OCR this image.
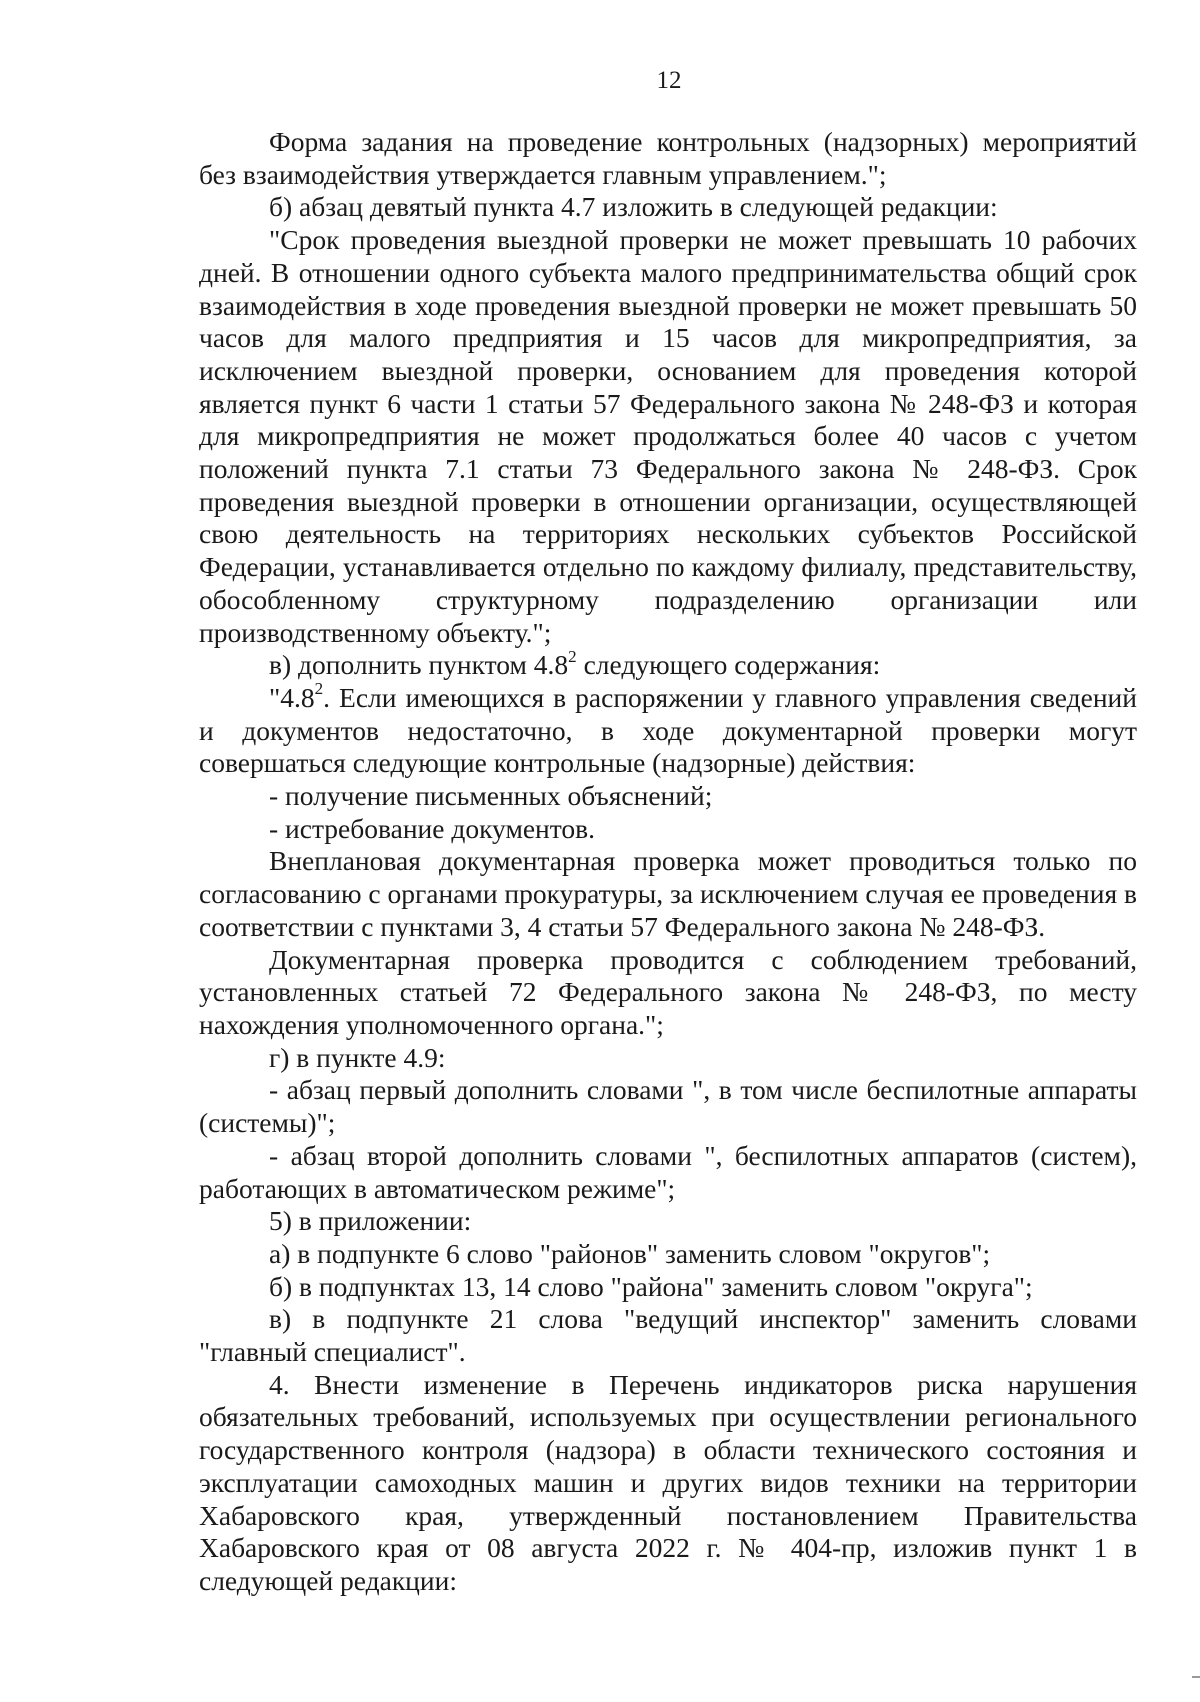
12

Форма задания на проведение контрольных (надзорных) мероприятий без взаимодействия утверждается главным управлением.";

б) абзац девятый пункта 4.7 изложить в следующей редакции:

"Срок проведения выездной проверки не может превышать 10 рабочих дней. В отношении одного субъекта малого предпринимательства общий срок взаимодействия в ходе проведения выездной проверки не может превышать 50 часов для малого предприятия и 15 часов для микропредприятия, за исключением выездной проверки, основанием для проведения которой является пункт 6 части 1 статьи 57 Федерального закона № 248-ФЗ и которая для микропредприятия не может продолжаться более 40 часов с учетом положений пункта 7.1 статьи 73 Федерального закона № 248-ФЗ. Срок проведения выездной проверки в отношении организации, осуществляющей свою деятельность на территориях нескольких субъектов Российской Федерации, устанавливается отдельно по каждому филиалу, представительству, обособленному структурному подразделению организации или производственному объекту.";

в) дополнить пунктом $4.8^2$ следующего содержания:

"$4.8^2$. Если имеющихся в распоряжении у главного управления сведений и документов недостаточно, в ходе документарной проверки могут совершаться следующие контрольные (надзорные) действия:

- получение письменных объяснений;

- истребование документов.

Внеплановая документарная проверка может проводиться только по согласованию с органами прокуратуры, за исключением случая ее проведения в соответствии с пунктами 3, 4 статьи 57 Федерального закона № 248-ФЗ.

Документарная проверка проводится с соблюдением требований, установленных статьей 72 Федерального закона № 248-ФЗ, по месту нахождения уполномоченного органа.";

г) в пункте 4.9:

- абзац первый дополнить словами ", в том числе беспилотные аппараты (системы)";

- абзац второй дополнить словами ", беспилотных аппаратов (систем), работающих в автоматическом режиме";

5) в приложении:

а) в подпункте 6 слово "районов" заменить словом "округов";

б) в подпунктах 13, 14 слово "района" заменить словом "округа";

в) в подпункте 21 слова "ведущий инспектор" заменить словами "главный специалист".

4. Внести изменение в Перечень индикаторов риска нарушения обязательных требований, используемых при осуществлении регионального государственного контроля (надзора) в области технического состояния и эксплуатации самоходных машин и других видов техники на территории Хабаровского края, утвержденный постановлением Правительства Хабаровского края от 08 августа 2022 г. № 404-пр, изложив пункт 1 в следующей редакции:
